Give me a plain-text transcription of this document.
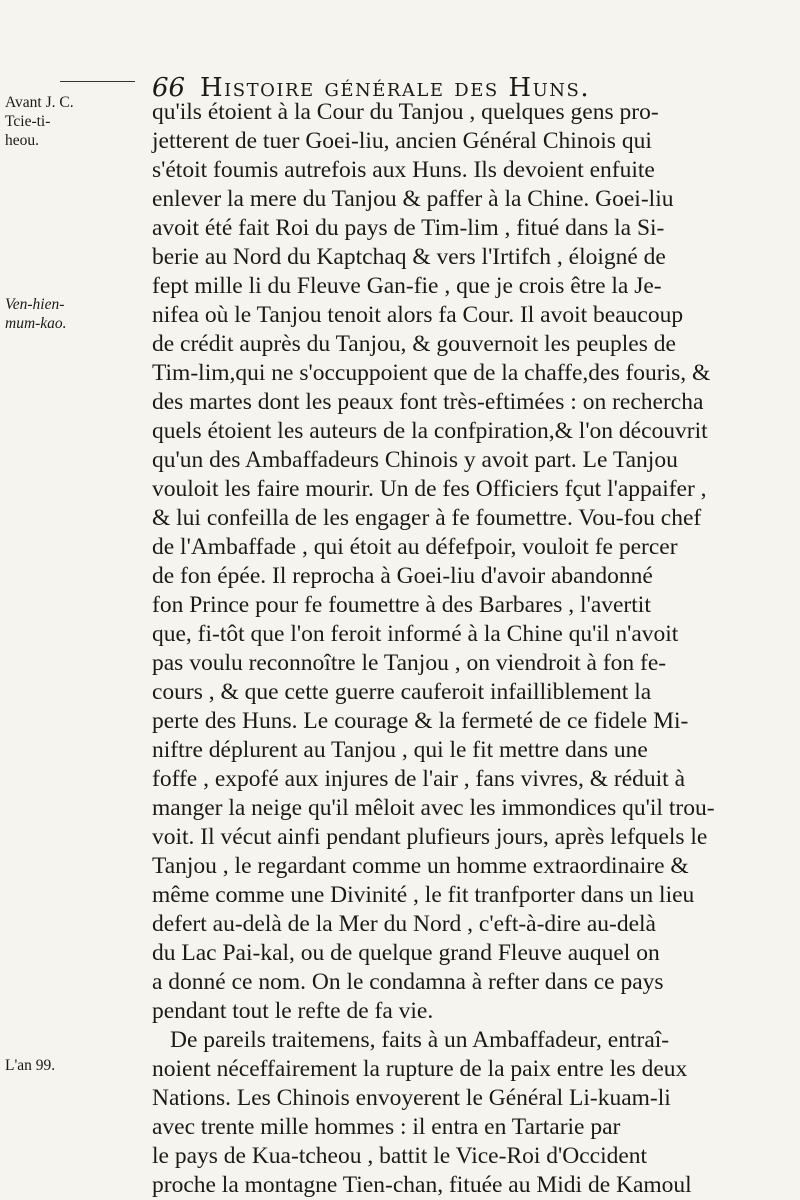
66 Histoire générale des Huns.
Avant J. C.
Tcie-ti-
heou.
Ven-hien-
mum-kao.
L'an 99.
qu'ils étoient à la Cour du Tanjou , quelques gens pro-
jetterent de tuer Goei-liu, ancien Général Chinois qui
s'étoit foumis autrefois aux Huns. Ils devoient enfuite
enlever la mere du Tanjou & paffer à la Chine. Goei-liu
avoit été fait Roi du pays de Tim-lim , fitué dans la Si-
berie au Nord du Kaptchaq & vers l'Irtifch , éloigné de
fept mille li du Fleuve Gan-fie , que je crois être la Je-
nifea où le Tanjou tenoit alors fa Cour. Il avoit beaucoup
de crédit auprès du Tanjou, & gouvernoit les peuples de
Tim-lim,qui ne s'occuppoient que de la chaffe,des fouris, &
des martes dont les peaux font très-eftimées : on rechercha
quels étoient les auteurs de la confpiration,& l'on découvrit
qu'un des Ambaffadeurs Chinois y avoit part. Le Tanjou
vouloit les faire mourir. Un de fes Officiers fçut l'appaifer ,
& lui confeilla de les engager à fe foumettre. Vou-fou chef
de l'Ambaffade , qui étoit au défefpoir, vouloit fe percer
de fon épée. Il reprocha à Goei-liu d'avoir abandonné
fon Prince pour fe foumettre à des Barbares , l'avertit
que, fi-tôt que l'on feroit informé à la Chine qu'il n'avoit
pas voulu reconnoître le Tanjou , on viendroit à fon fe-
cours , & que cette guerre cauferoit infailliblement la
perte des Huns. Le courage & la fermeté de ce fidele Mi-
niftre déplurent au Tanjou , qui le fit mettre dans une
foffe , expofé aux injures de l'air , fans vivres, & réduit à
manger la neige qu'il mêloit avec les immondices qu'il trou-
voit. Il vécut ainfi pendant plufieurs jours, après lefquels le
Tanjou , le regardant comme un homme extraordinaire &
même comme une Divinité , le fit tranfporter dans un lieu
defert au-delà de la Mer du Nord , c'eft-à-dire au-delà
du Lac Pai-kal, ou de quelque grand Fleuve auquel on
a donné ce nom. On le condamna à refter dans ce pays
pendant tout le refte de fa vie.
De pareils traitemens, faits à un Ambaffadeur, entraî-
noient néceffairement la rupture de la paix entre les deux
Nations. Les Chinois envoyerent le Général Li-kuam-li
avec trente mille hommes : il entra en Tartarie par
le pays de Kua-tcheou , battit le Vice-Roi d'Occident
proche la montagne Tien-chan, fituée au Midi de Kamoul
